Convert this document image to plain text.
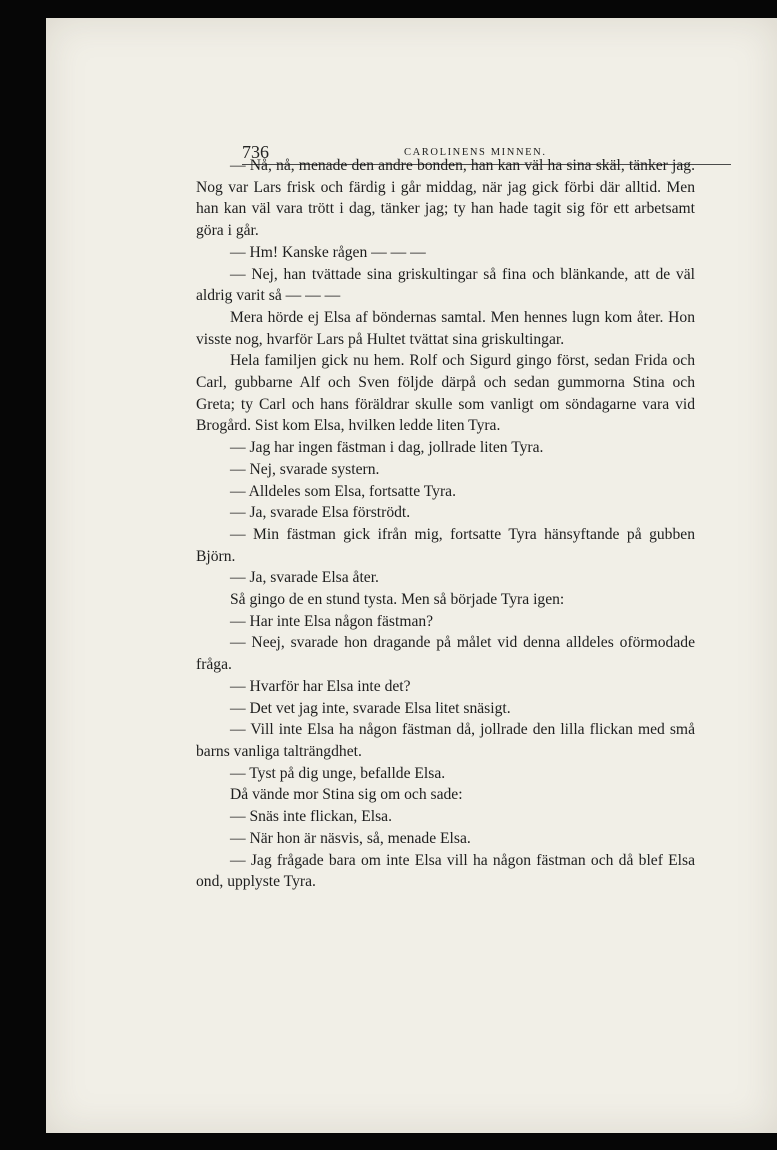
736	CAROLINENS MINNEN.

— Nå, nå, menade den andre bonden, han kan väl ha sina skäl, tänker jag. Nog var Lars frisk och färdig i går middag, när jag gick förbi där alltid. Men han kan väl vara trött i dag, tänker jag; ty han hade tagit sig för ett arbetsamt göra i går.

— Hm! Kanske rågen — — —

— Nej, han tvättade sina griskultingar så fina och blänkande, att de väl aldrig varit så — — —

Mera hörde ej Elsa af böndernas samtal. Men hennes lugn kom åter. Hon visste nog, hvarför Lars på Hultet tvättat sina griskultingar.

Hela familjen gick nu hem. Rolf och Sigurd gingo först, sedan Frida och Carl, gubbarne Alf och Sven följde därpå och sedan gummorna Stina och Greta; ty Carl och hans föräldrar skulle som vanligt om söndagarne vara vid Brogård. Sist kom Elsa, hvilken ledde liten Tyra.

— Jag har ingen fästman i dag, jollrade liten Tyra.

— Nej, svarade systern.

— Alldeles som Elsa, fortsatte Tyra.

— Ja, svarade Elsa förströdt.

— Min fästman gick ifrån mig, fortsatte Tyra hänsyftande på gubben Björn.

— Ja, svarade Elsa åter.

Så gingo de en stund tysta. Men så började Tyra igen:

— Har inte Elsa någon fästman?

— Neej, svarade hon dragande på målet vid denna alldeles oförmodade fråga.

— Hvarför har Elsa inte det?

— Det vet jag inte, svarade Elsa litet snäsigt.

— Vill inte Elsa ha någon fästman då, jollrade den lilla flickan med små barns vanliga talträngdhet.

— Tyst på dig unge, befallde Elsa.

Då vände mor Stina sig om och sade:

— Snäs inte flickan, Elsa.

— När hon är näsvis, så, menade Elsa.

— Jag frågade bara om inte Elsa vill ha någon fästman och då blef Elsa ond, upplyste Tyra.
